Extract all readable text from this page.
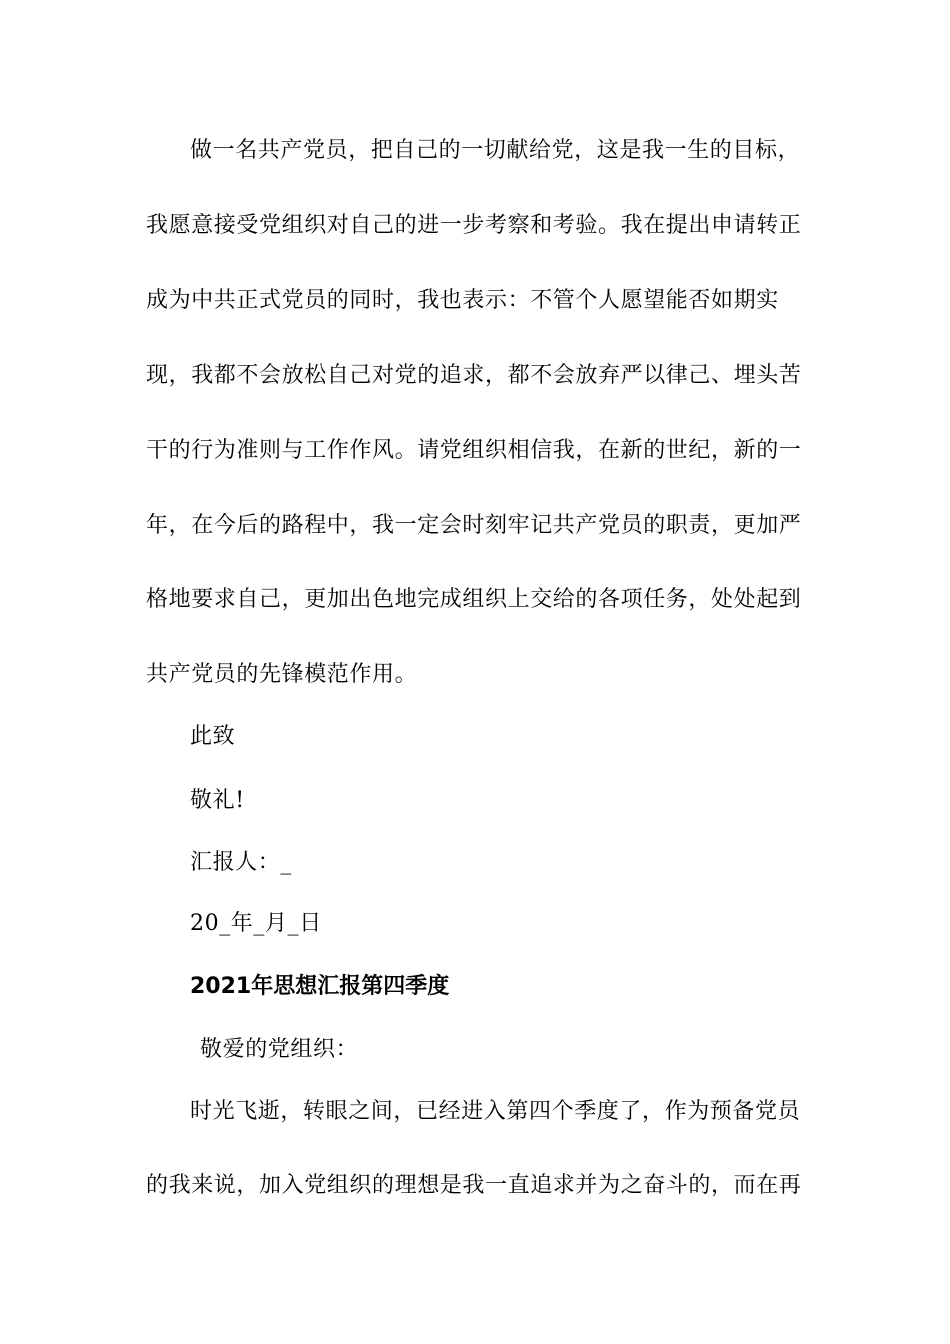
做一名共产党员，把自己的一切献给党，这是我一生的目标，
我愿意接受党组织对自己的进一步考察和考验。我在提出申请转正
成为中共正式党员的同时，我也表示：不管个人愿望能否如期实
现，我都不会放松自己对党的追求，都不会放弃严以律己、埋头苦
干的行为准则与工作作风。请党组织相信我，在新的世纪，新的一
年，在今后的路程中，我一定会时刻牢记共产党员的职责，更加严
格地要求自己，更加出色地完成组织上交给的各项任务，处处起到
共产党员的先锋模范作用。
此致
敬礼!
汇报人：_
20_年_月_日
2021年思想汇报第四季度
敬爱的党组织：
时光飞逝，转眼之间，已经进入第四个季度了，作为预备党员
的我来说，加入党组织的理想是我一直追求并为之奋斗的，而在再
